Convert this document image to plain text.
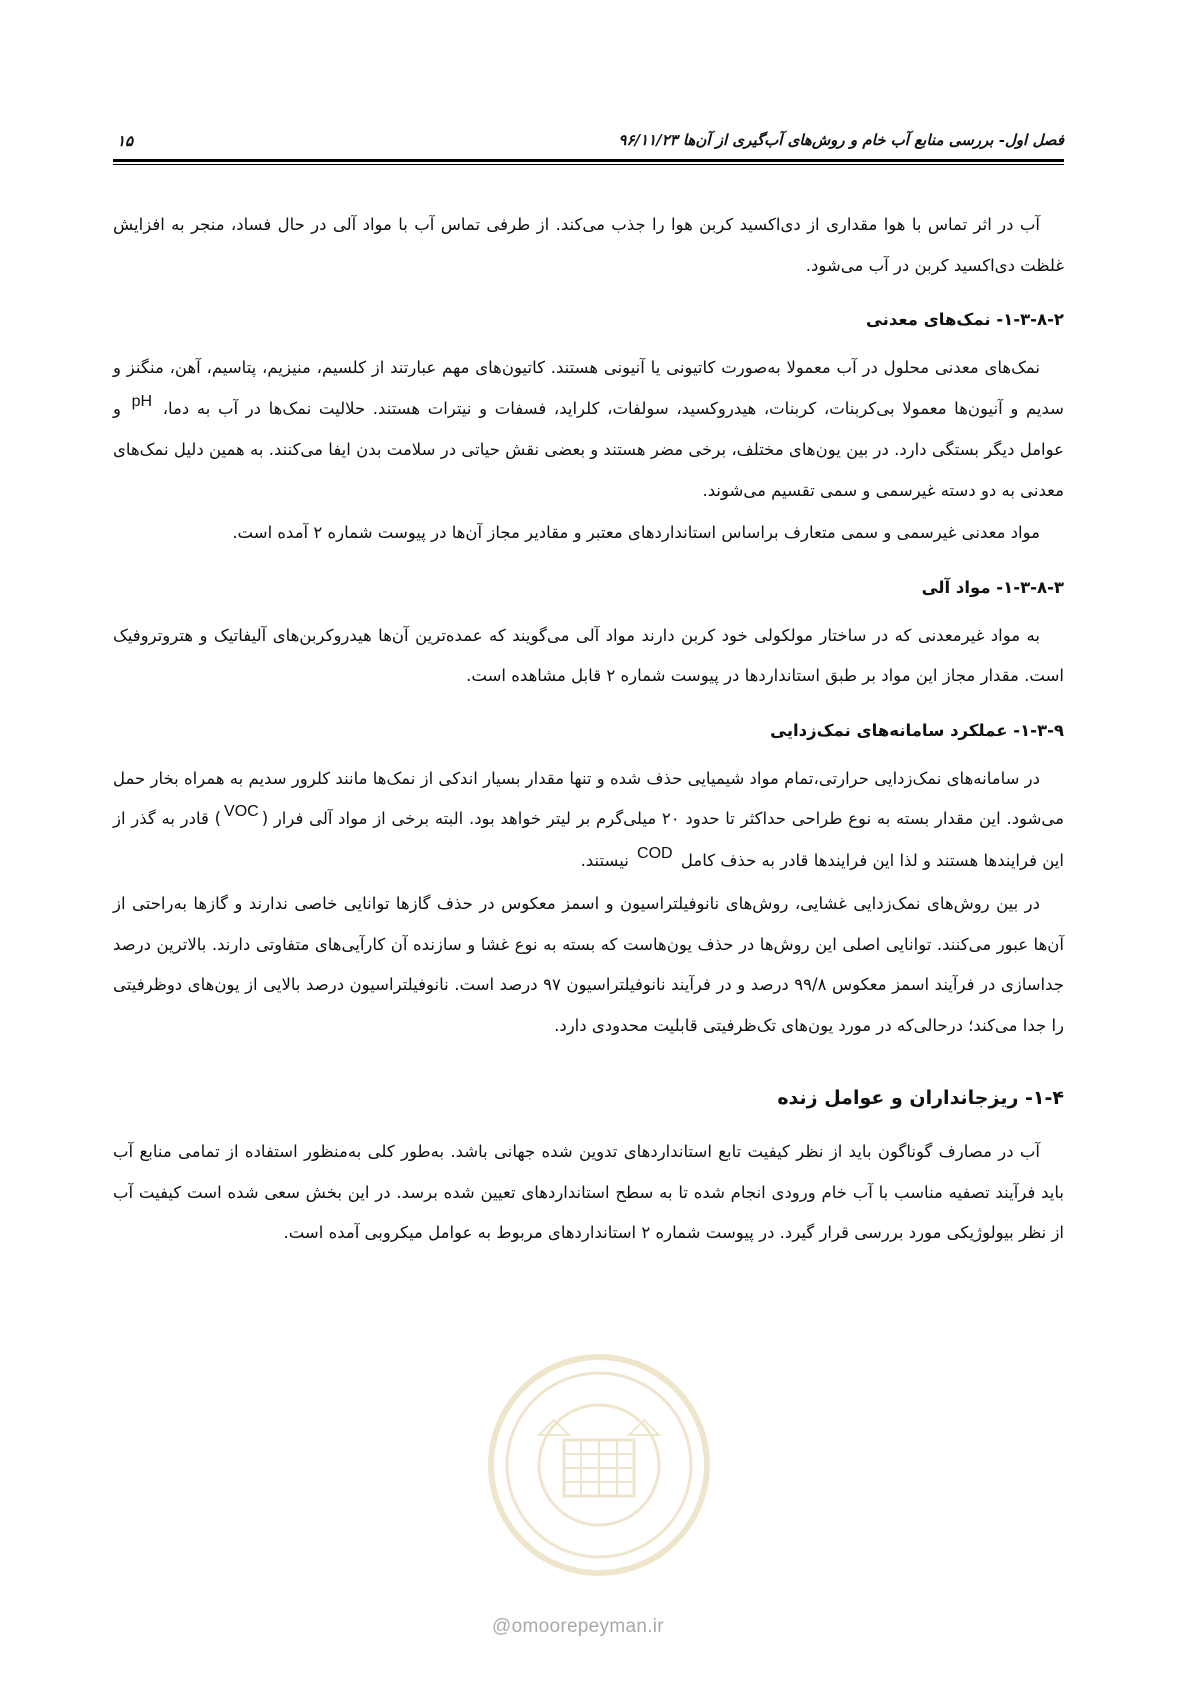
فصل اول- بررسی منابع آب خام و روش‌های آب‌گیری از آن‌ها ۹۶/۱۱/۲۳
۱۵

آب در اثر تماس با هوا مقداری از دی‌اکسید کربن هوا را جذب می‌کند. از طرفی تماس آب با مواد آلی در حال فساد، منجر به افزایش غلظت دی‌اکسید کربن در آب می‌شود.

۱-۳-۸-۲- نمک‌های معدنی

نمک‌های معدنی محلول در آب معمولا به‌صورت کاتیونی یا آنیونی هستند. کاتیون‌های مهم عبارتند از کلسیم، منیزیم، پتاسیم، آهن، منگنز و سدیم و آنیون‌ها معمولا بی‌کربنات، کربنات، هیدروکسید، سولفات، کلراید، فسفات و نیترات هستند. حلالیت نمک‌ها در آب به دما، pH و عوامل دیگر بستگی دارد. در بین یون‌های مختلف، برخی مضر هستند و بعضی نقش حیاتی در سلامت بدن ایفا می‌کنند. به همین دلیل نمک‌های معدنی به دو دسته غیرسمی و سمی تقسیم می‌شوند.

مواد معدنی غیرسمی و سمی متعارف براساس استانداردهای معتبر و مقادیر مجاز آن‌ها در پیوست شماره ۲ آمده است.

۱-۳-۸-۳- مواد آلی

به مواد غیرمعدنی که در ساختار مولکولی خود کربن دارند مواد آلی می‌گویند که عمده‌ترین آن‌ها هیدروکربن‌های آلیفاتیک و هتروتروفیک است. مقدار مجاز این مواد بر طبق استانداردها در پیوست شماره ۲ قابل مشاهده است.

۱-۳-۹- عملکرد سامانه‌های نمک‌زدایی

در سامانه‌های نمک‌زدایی حرارتی،تمام مواد شیمیایی حذف شده و تنها مقدار بسیار اندکی از نمک‌ها مانند کلرور سدیم به همراه بخار حمل می‌شود. این مقدار بسته به نوع طراحی حداکثر تا حدود ۲۰ میلی‌گرم بر لیتر خواهد بود. البته برخی از مواد آلی فرار (VOC) قادر به گذر از این فرایندها هستند و لذا این فرایندها قادر به حذف کامل COD نیستند.

در بین روش‌های نمک‌زدایی غشایی، روش‌های نانوفیلتراسیون و اسمز معکوس در حذف گازها توانایی خاصی ندارند و گازها به‌راحتی از آن‌ها عبور می‌کنند. توانایی اصلی این روش‌ها در حذف یون‌هاست که بسته به نوع غشا و سازنده آن کارآیی‌های متفاوتی دارند. بالاترین درصد جداسازی در فرآیند اسمز معکوس ۹۹/۸ درصد و در فرآیند نانوفیلتراسیون ۹۷ درصد است. نانوفیلتراسیون درصد بالایی از یون‌های دوظرفیتی را جدا می‌کند؛ درحالی‌که در مورد یون‌های تک‌ظرفیتی قابلیت محدودی دارد.

۱-۴- ریزجانداران و عوامل زنده

آب در مصارف گوناگون باید از نظر کیفیت تابع استانداردهای تدوین شده جهانی باشد. به‌طور کلی به‌منظور استفاده از تمامی منابع آب باید فرآیند تصفیه مناسب با آب خام ورودی انجام شده تا به سطح استانداردهای تعیین شده برسد. در این بخش سعی شده است کیفیت آب از نظر بیولوژیکی مورد بررسی قرار گیرد. در پیوست شماره ۲ استانداردهای مربوط به عوامل میکروبی آمده است.

@omoorepeyman.ir
